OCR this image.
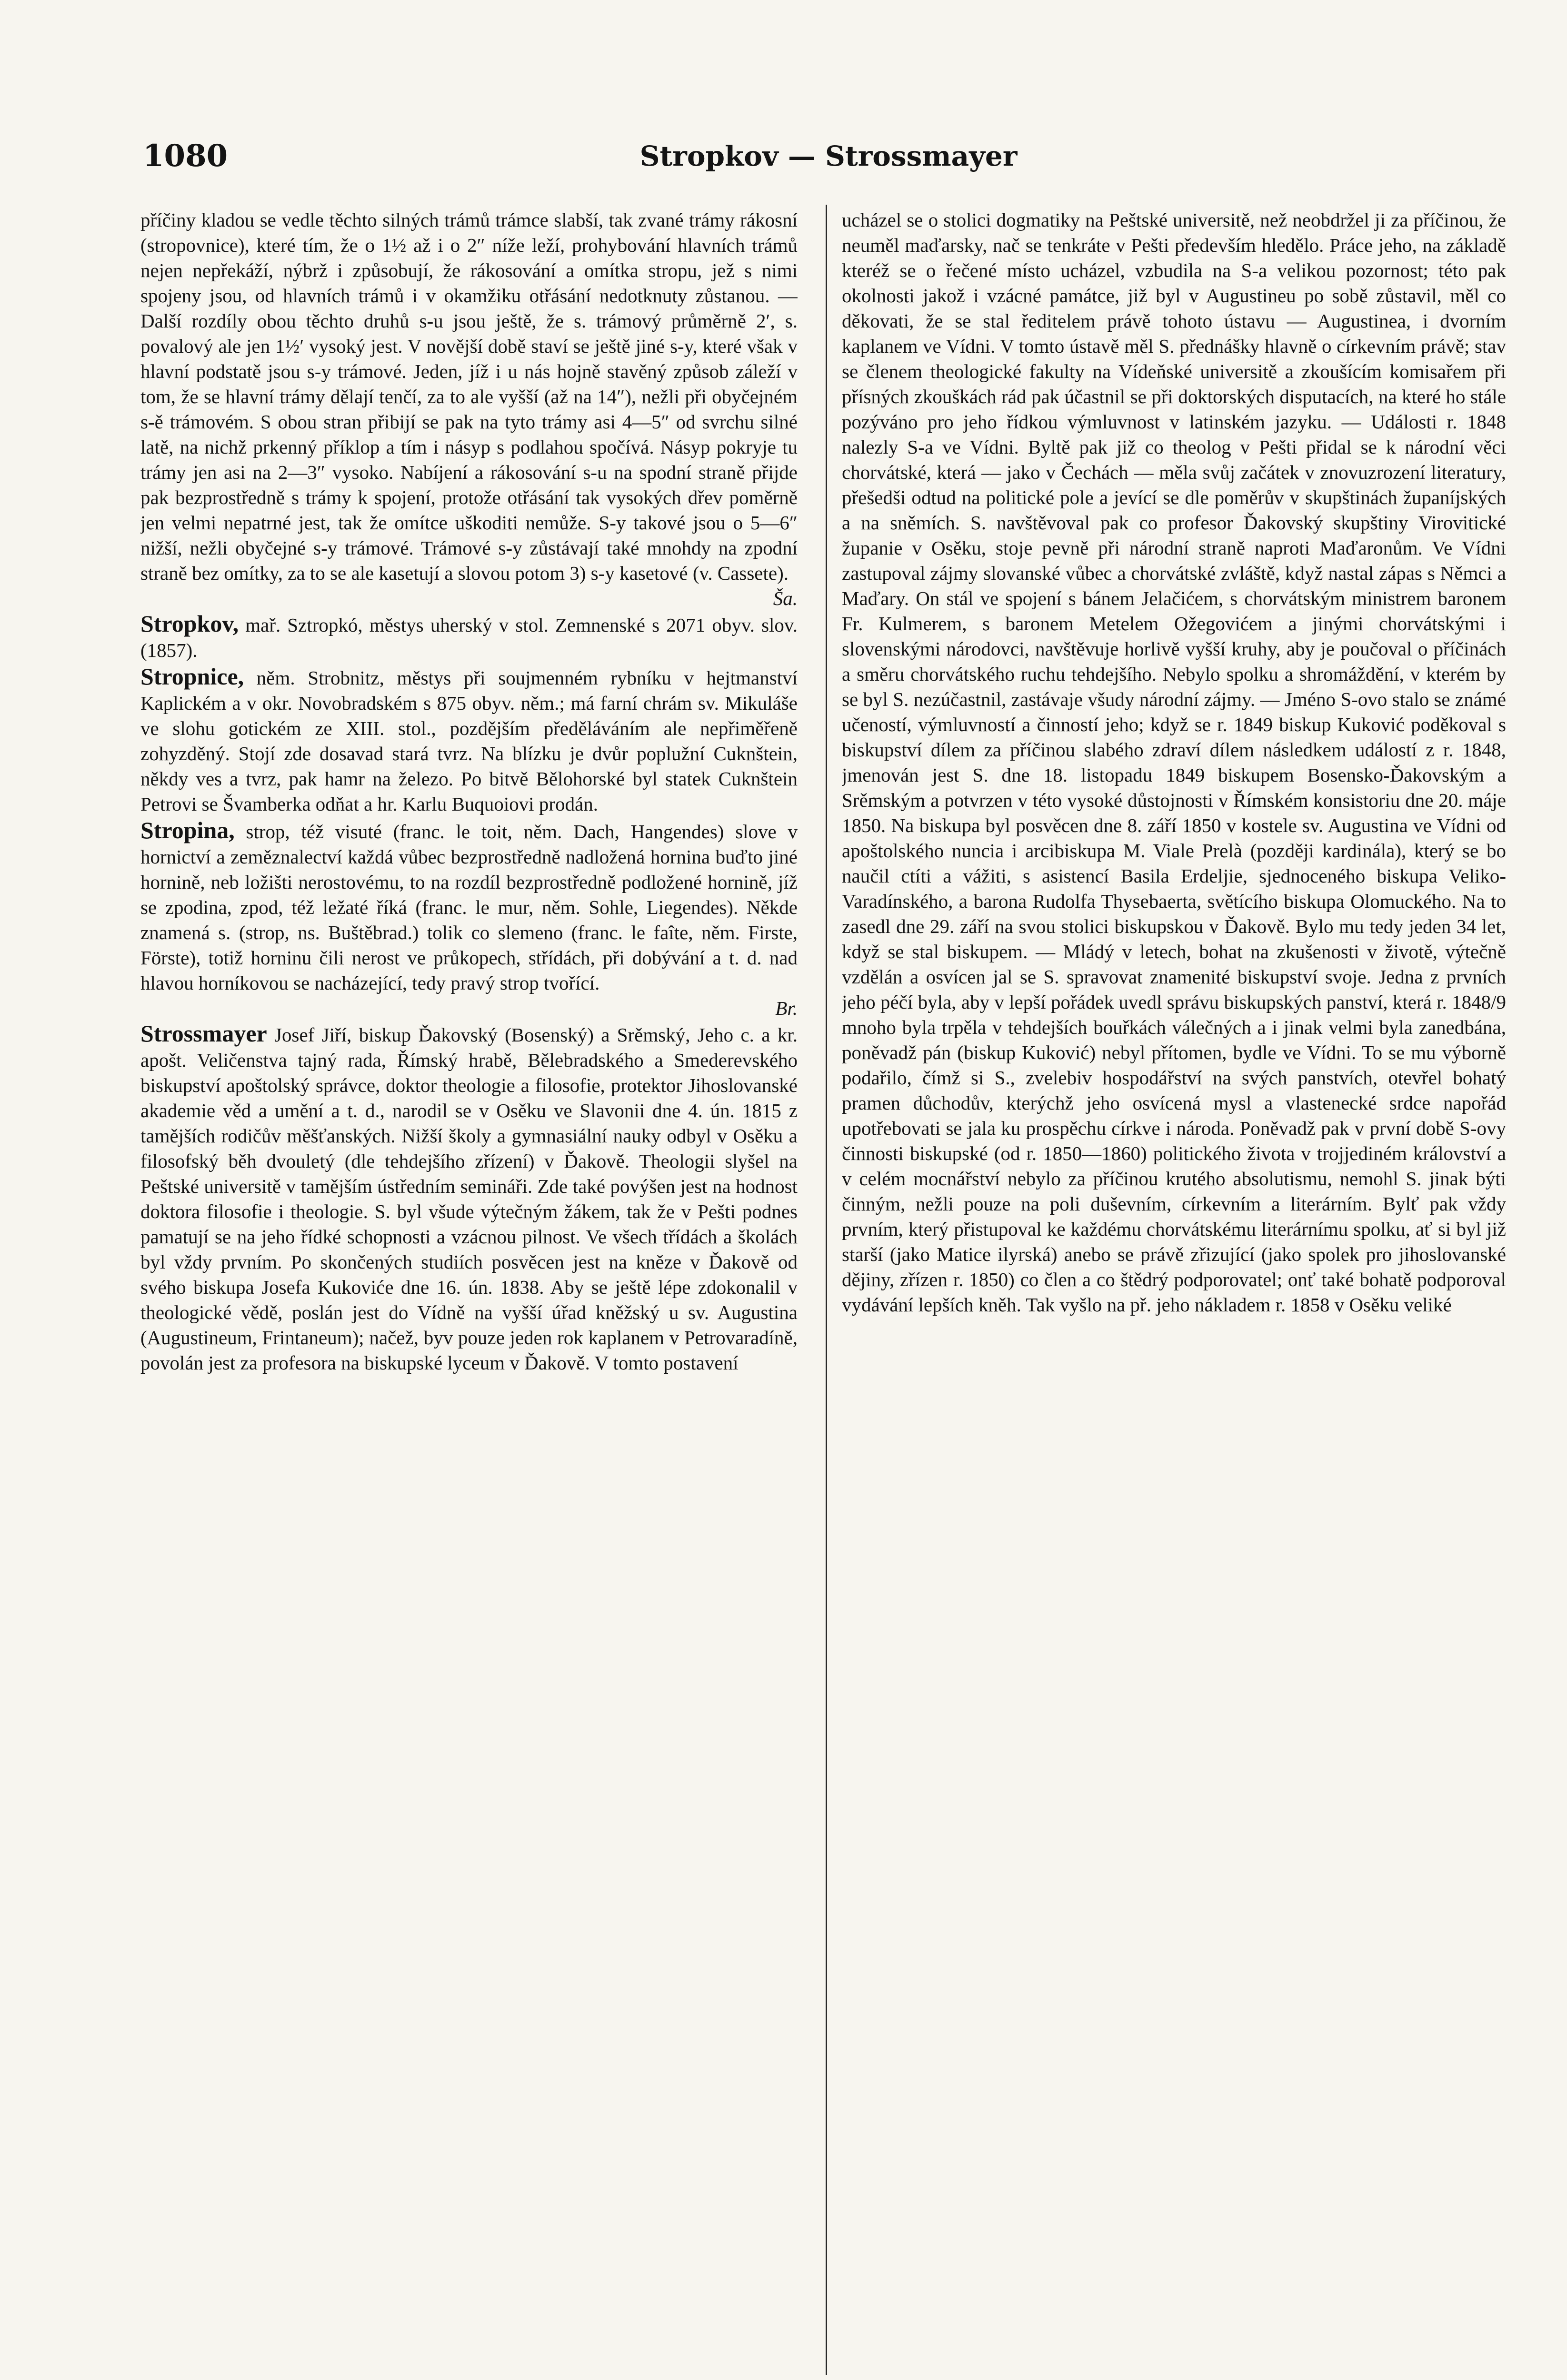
1080	Stropkov — Strossmayer

příčiny kladou se vedle těchto silných trámů trámce slabší, tak zvané trámy rákosní (stropovnice), které tím, že o 1½ až i o 2″ níže leží, prohybování hlavních trámů nejen nepřekáží, nýbrž i způsobují, že rákosování a omítka stropu, jež s nimi spojeny jsou, od hlavních trámů i v okamžiku otřásání nedotknuty zůstanou. — Další rozdíly obou těchto druhů s-u jsou ještě, že s. trámový průměrně 2′, s. povalový ale jen 1½′ vysoký jest. V novější době staví se ještě jiné s-y, které však v hlavní podstatě jsou s-y trámové. Jeden, jíž i u nás hojně stavěný způsob záleží v tom, že se hlavní trámy dělají tenčí, za to ale vyšší (až na 14″), nežli při obyčejném s-ě trámovém. S obou stran přibijí se pak na tyto trámy asi 4—5″ od svrchu silné latě, na nichž prkenný příklop a tím i násyp s podlahou spočívá. Násyp pokryje tu trámy jen asi na 2—3″ vysoko. Nabíjení a rákosování s-u na spodní straně přijde pak bezprostředně s trámy k spojení, protože otřásání tak vysokých dřev poměrně jen velmi nepatrné jest, tak že omítce uškoditi nemůže. S-y takové jsou o 5—6″ nižší, nežli obyčejné s-y trámové. Trámové s-y zůstávají také mnohdy na zpodní straně bez omítky, za to se ale kasetují a slovou potom 3) s-y kasetové (v. Cassete).

Ša.

Stropkov, mař. Sztropkó, městys uherský v stol. Zemnenské s 2071 obyv. slov. (1857).

Stropnice, něm. Strobnitz, městys při soujmenném rybníku v hejtmanství Kaplickém a v okr. Novobradském s 875 obyv. něm.; má farní chrám sv. Mikuláše ve slohu gotickém ze XIII. stol., pozdějším předěláváním ale nepřiměřeně zohyzděný. Stojí zde dosavad stará tvrz. Na blízku je dvůr poplužní Cuknštein, někdy ves a tvrz, pak hamr na železo. Po bitvě Bělohorské byl statek Cuknštein Petrovi se Švamberka odňat a hr. Karlu Buquoiovi prodán.

Stropina, strop, též visuté (franc. le toit, něm. Dach, Hangendes) slove v hornictví a zeměznalectví každá vůbec bezprostředně nadložená hornina buďto jiné hornině, neb ložišti nerostovému, to na rozdíl bezprostředně podložené hornině, jíž se zpodina, zpod, též ležaté říká (franc. le mur, něm. Sohle, Liegendes). Někde znamená s. (strop, ns. Buštěbrad.) tolik co slemeno (franc. le faîte, něm. Firste, Förste), totiž horninu čili nerost ve průkopech, střídách, při dobývání a t. d. nad hlavou horníkovou se nacházející, tedy pravý strop tvořící.

Br.

Strossmayer Josef Jiří, biskup Ďakovský (Bosenský) a Srěmský, Jeho c. a kr. apošt. Veličenstva tajný rada, Římský hrabě, Bělebradského a Smederevského biskupství apoštolský správce, doktor theologie a filosofie, protektor Jihoslovanské akademie věd a umění a t. d., narodil se v Osěku ve Slavonii dne 4. ún. 1815 z tamějších rodičův měšťanských. Nižší školy a gymnasiální nauky odbyl v Osěku a filosofský běh dvouletý (dle tehdejšího zřízení) v Ďakově. Theologii slyšel na Peštské universitě v tamějším ústředním semináři. Zde také povýšen jest na hodnost doktora filosofie i theologie. S. byl všude výtečným žákem, tak že v Pešti podnes pamatují se na jeho řídké schopnosti a vzácnou pilnost. Ve všech třídách a školách byl vždy prvním. Po skončených studiích posvěcen jest na kněze v Ďakově od svého biskupa Josefa Kukoviće dne 16. ún. 1838. Aby se ještě lépe zdokonalil v theologické vědě, poslán jest do Vídně na vyšší úřad kněžský u sv. Augustina (Augustineum, Frintaneum); načež, byv pouze jeden rok kaplanem v Petrovaradíně, povolán jest za profesora na biskupské lyceum v Ďakově. V tomto postavení

ucházel se o stolici dogmatiky na Peštské universitě, než neobdržel ji za příčinou, že neuměl maďarsky, nač se tenkráte v Pešti především hledělo. Práce jeho, na základě kteréž se o řečené místo ucházel, vzbudila na S-a velikou pozornost; této pak okolnosti jakož i vzácné památce, již byl v Augustineu po sobě zůstavil, měl co děkovati, že se stal ředitelem právě tohoto ústavu — Augustinea, i dvorním kaplanem ve Vídni. V tomto ústavě měl S. přednášky hlavně o církevním právě; stav se členem theologické fakulty na Vídeňské universitě a zkoušícím komisařem při přísných zkouškách rád pak účastnil se při doktorských disputacích, na které ho stále pozýváno pro jeho řídkou výmluvnost v latinském jazyku. — Události r. 1848 nalezly S-a ve Vídni. Byltě pak již co theolog v Pešti přidal se k národní věci chorvátské, která — jako v Čechách — měla svůj začátek v znovuzrození literatury, přešedši odtud na politické pole a jevící se dle poměrův v skupštinách županíjských a na sněmích. S. navštěvoval pak co profesor Ďakovský skupštiny Virovitické županie v Osěku, stoje pevně při národní straně naproti Maďaronům. Ve Vídni zastupoval zájmy slovanské vůbec a chorvátské zvláště, když nastal zápas s Němci a Maďary. On stál ve spojení s bánem Jelačićem, s chorvátským ministrem baronem Fr. Kulmerem, s baronem Metelem Ožegovićem a jinými chorvátskými i slovenskými národovci, navštěvuje horlivě vyšší kruhy, aby je poučoval o příčinách a směru chorvátského ruchu tehdejšího. Nebylo spolku a shromáždění, v kterém by se byl S. nezúčastnil, zastávaje všudy národní zájmy. — Jméno S-ovo stalo se známé učeností, výmluvností a činností jeho; když se r. 1849 biskup Kuković poděkoval s biskupství dílem za příčinou slabého zdraví dílem následkem událostí z r. 1848, jmenován jest S. dne 18. listopadu 1849 biskupem Bosensko-Ďakovským a Srěmským a potvrzen v této vysoké důstojnosti v Římském konsistoriu dne 20. máje 1850. Na biskupa byl posvěcen dne 8. září 1850 v kostele sv. Augustina ve Vídni od apoštolského nuncia i arcibiskupa M. Viale Prelà (později kardinála), který se bo naučil ctíti a vážiti, s asistencí Basila Erdeljie, sjednoceného biskupa Veliko-Varadínského, a barona Rudolfa Thysebaerta, světícího biskupa Olomuckého. Na to zasedl dne 29. září na svou stolici biskupskou v Ďakově. Bylo mu tedy jeden 34 let, když se stal biskupem. — Mládý v letech, bohat na zkušenosti v životě, výtečně vzdělán a osvícen jal se S. spravovat znamenité biskupství svoje. Jedna z prvních jeho péčí byla, aby v lepší pořádek uvedl správu biskupských panství, která r. 1848/9 mnoho byla trpěla v tehdejších bouřkách válečných a i jinak velmi byla zanedbána, poněvadž pán (biskup Kuković) nebyl přítomen, bydle ve Vídni. To se mu výborně podařilo, čímž si S., zvelebiv hospodářství na svých panstvích, otevřel bohatý pramen důchodův, kterýchž jeho osvícená mysl a vlastenecké srdce napořád upotřebovati se jala ku prospěchu církve i národa. Poněvadž pak v první době S-ovy činnosti biskupské (od r. 1850—1860) politického života v trojjediném království a v celém mocnářství nebylo za příčinou krutého absolutismu, nemohl S. jinak býti činným, nežli pouze na poli duševním, církevním a literárním. Bylť pak vždy prvním, který přistupoval ke každému chorvátskému literárnímu spolku, ať si byl již starší (jako Matice ilyrská) anebo se právě zřizující (jako spolek pro jihoslovanské dějiny, zřízen r. 1850) co člen a co štědrý podporovatel; onť také bohatě podporoval vydávání lepších kněh. Tak vyšlo na př. jeho nákladem r. 1858 v Osěku veliké
